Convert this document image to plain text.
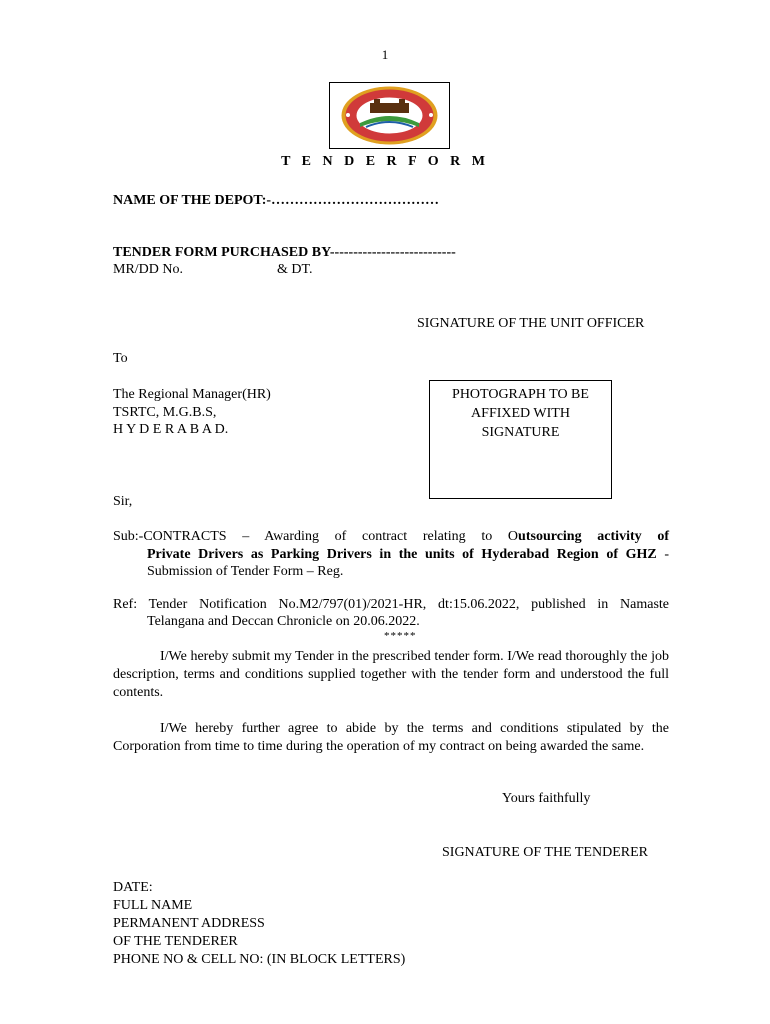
1
T E N D E R F O R M
NAME OF THE DEPOT:-………………………………
TENDER FORM PURCHASED BY---------------------------
MR/DD No.	& DT.
SIGNATURE OF THE UNIT OFFICER
To
The Regional Manager(HR)
TSRTC, M.G.B.S,
H Y D E R A B A D.
PHOTOGRAPH TO BE
AFFIXED WITH
SIGNATURE
Sir,
Sub:-CONTRACTS – Awarding of contract relating to Outsourcing activity of
Private Drivers as Parking Drivers in the units of Hyderabad Region of GHZ -
Submission of Tender Form – Reg.
Ref: Tender Notification No.M2/797(01)/2021-HR, dt:15.06.2022, published in Namaste
Telangana and Deccan Chronicle on 20.06.2022.
*****
I/We hereby submit my Tender in the prescribed tender form. I/We read thoroughly the job description, terms and conditions supplied together with the tender form and understood the full contents.
I/We hereby further agree to abide by the terms and conditions stipulated by the Corporation from time to time during the operation of my contract on being awarded the same.
Yours faithfully
SIGNATURE OF THE TENDERER
DATE:
FULL NAME
PERMANENT ADDRESS
OF THE TENDERER
PHONE NO & CELL NO: (IN BLOCK LETTERS)
